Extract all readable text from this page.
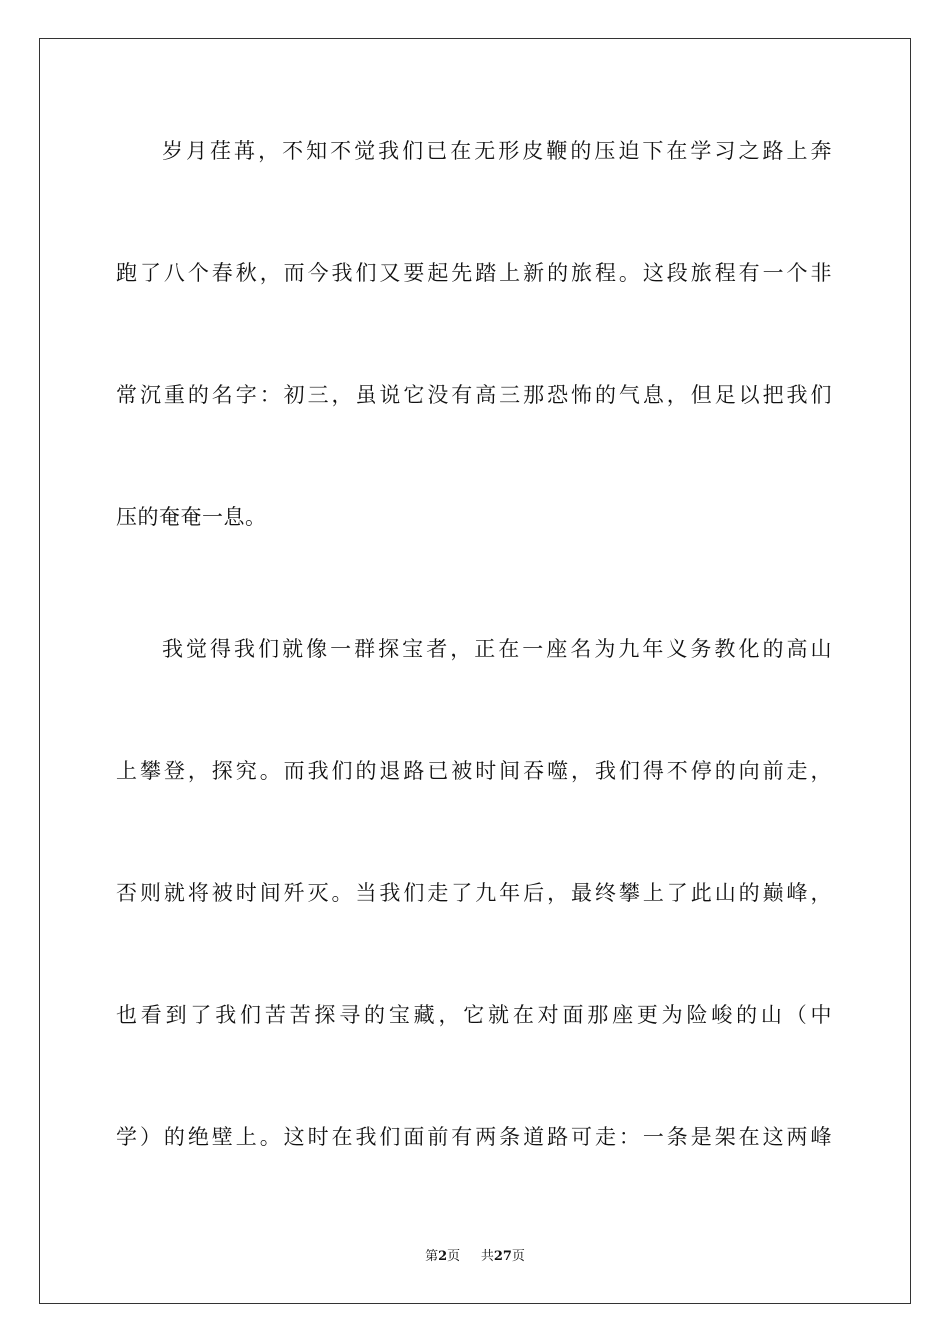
岁月荏苒，不知不觉我们已在无形皮鞭的压迫下在学习之路上奔
跑了八个春秋，而今我们又要起先踏上新的旅程。这段旅程有一个非
常沉重的名字：初三，虽说它没有高三那恐怖的气息，但足以把我们
压的奄奄一息。
我觉得我们就像一群探宝者，正在一座名为九年义务教化的高山
上攀登，探究。而我们的退路已被时间吞噬，我们得不停的向前走，
否则就将被时间歼灭。当我们走了九年后，最终攀上了此山的巅峰，
也看到了我们苦苦探寻的宝藏，它就在对面那座更为险峻的山（中
学）的绝壁上。这时在我们面前有两条道路可走：一条是架在这两峰
第2页 共27页
